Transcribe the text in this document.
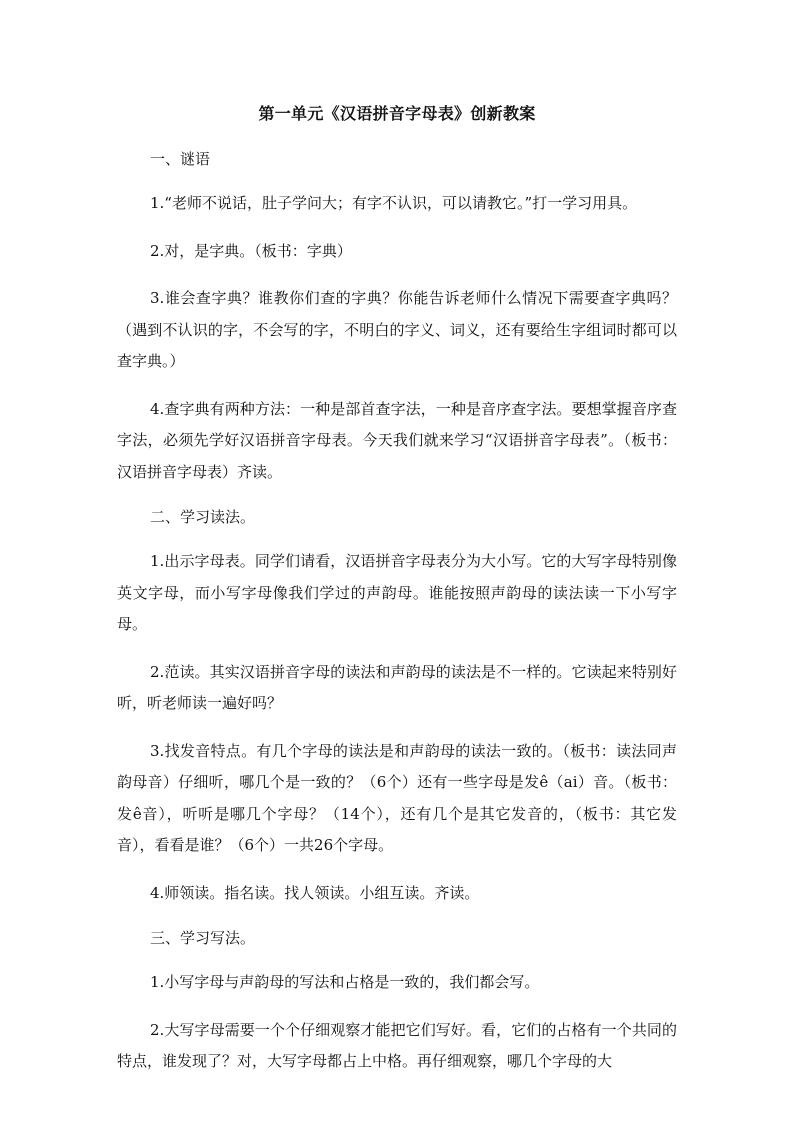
第一单元《汉语拼音字母表》创新教案
一、谜语

1.“老师不说话，肚子学问大；有字不认识，可以请教它。”打一学习用具。

2.对，是字典。（板书：字典）

3.谁会查字典？谁教你们查的字典？你能告诉老师什么情况下需要查字典吗？（遇到不认识的字，不会写的字，不明白的字义、词义，还有要给生字组词时都可以查字典。）

4.查字典有两种方法：一种是部首查字法，一种是音序查字法。要想掌握音序查字法，必须先学好汉语拼音字母表。今天我们就来学习“汉语拼音字母表”。（板书：汉语拼音字母表）齐读。

二、学习读法。

1.出示字母表。同学们请看，汉语拼音字母表分为大小写。它的大写字母特别像英文字母，而小写字母像我们学过的声韵母。谁能按照声韵母的读法读一下小写字母。

2.范读。其实汉语拼音字母的读法和声韵母的读法是不一样的。它读起来特别好听，听老师读一遍好吗？

3.找发音特点。有几个字母的读法是和声韵母的读法一致的。（板书：读法同声韵母音）仔细听，哪几个是一致的？（6个）还有一些字母是发ê（ai）音。（板书：发ê音），听听是哪几个字母？（14个），还有几个是其它发音的，（板书：其它发音），看看是谁？（6个）一共26个字母。

4.师领读。指名读。找人领读。小组互读。齐读。

三、学习写法。

1.小写字母与声韵母的写法和占格是一致的，我们都会写。

2.大写字母需要一个个仔细观察才能把它们写好。看，它们的占格有一个共同的特点，谁发现了？对，大写字母都占上中格。再仔细观察，哪几个字母的大
